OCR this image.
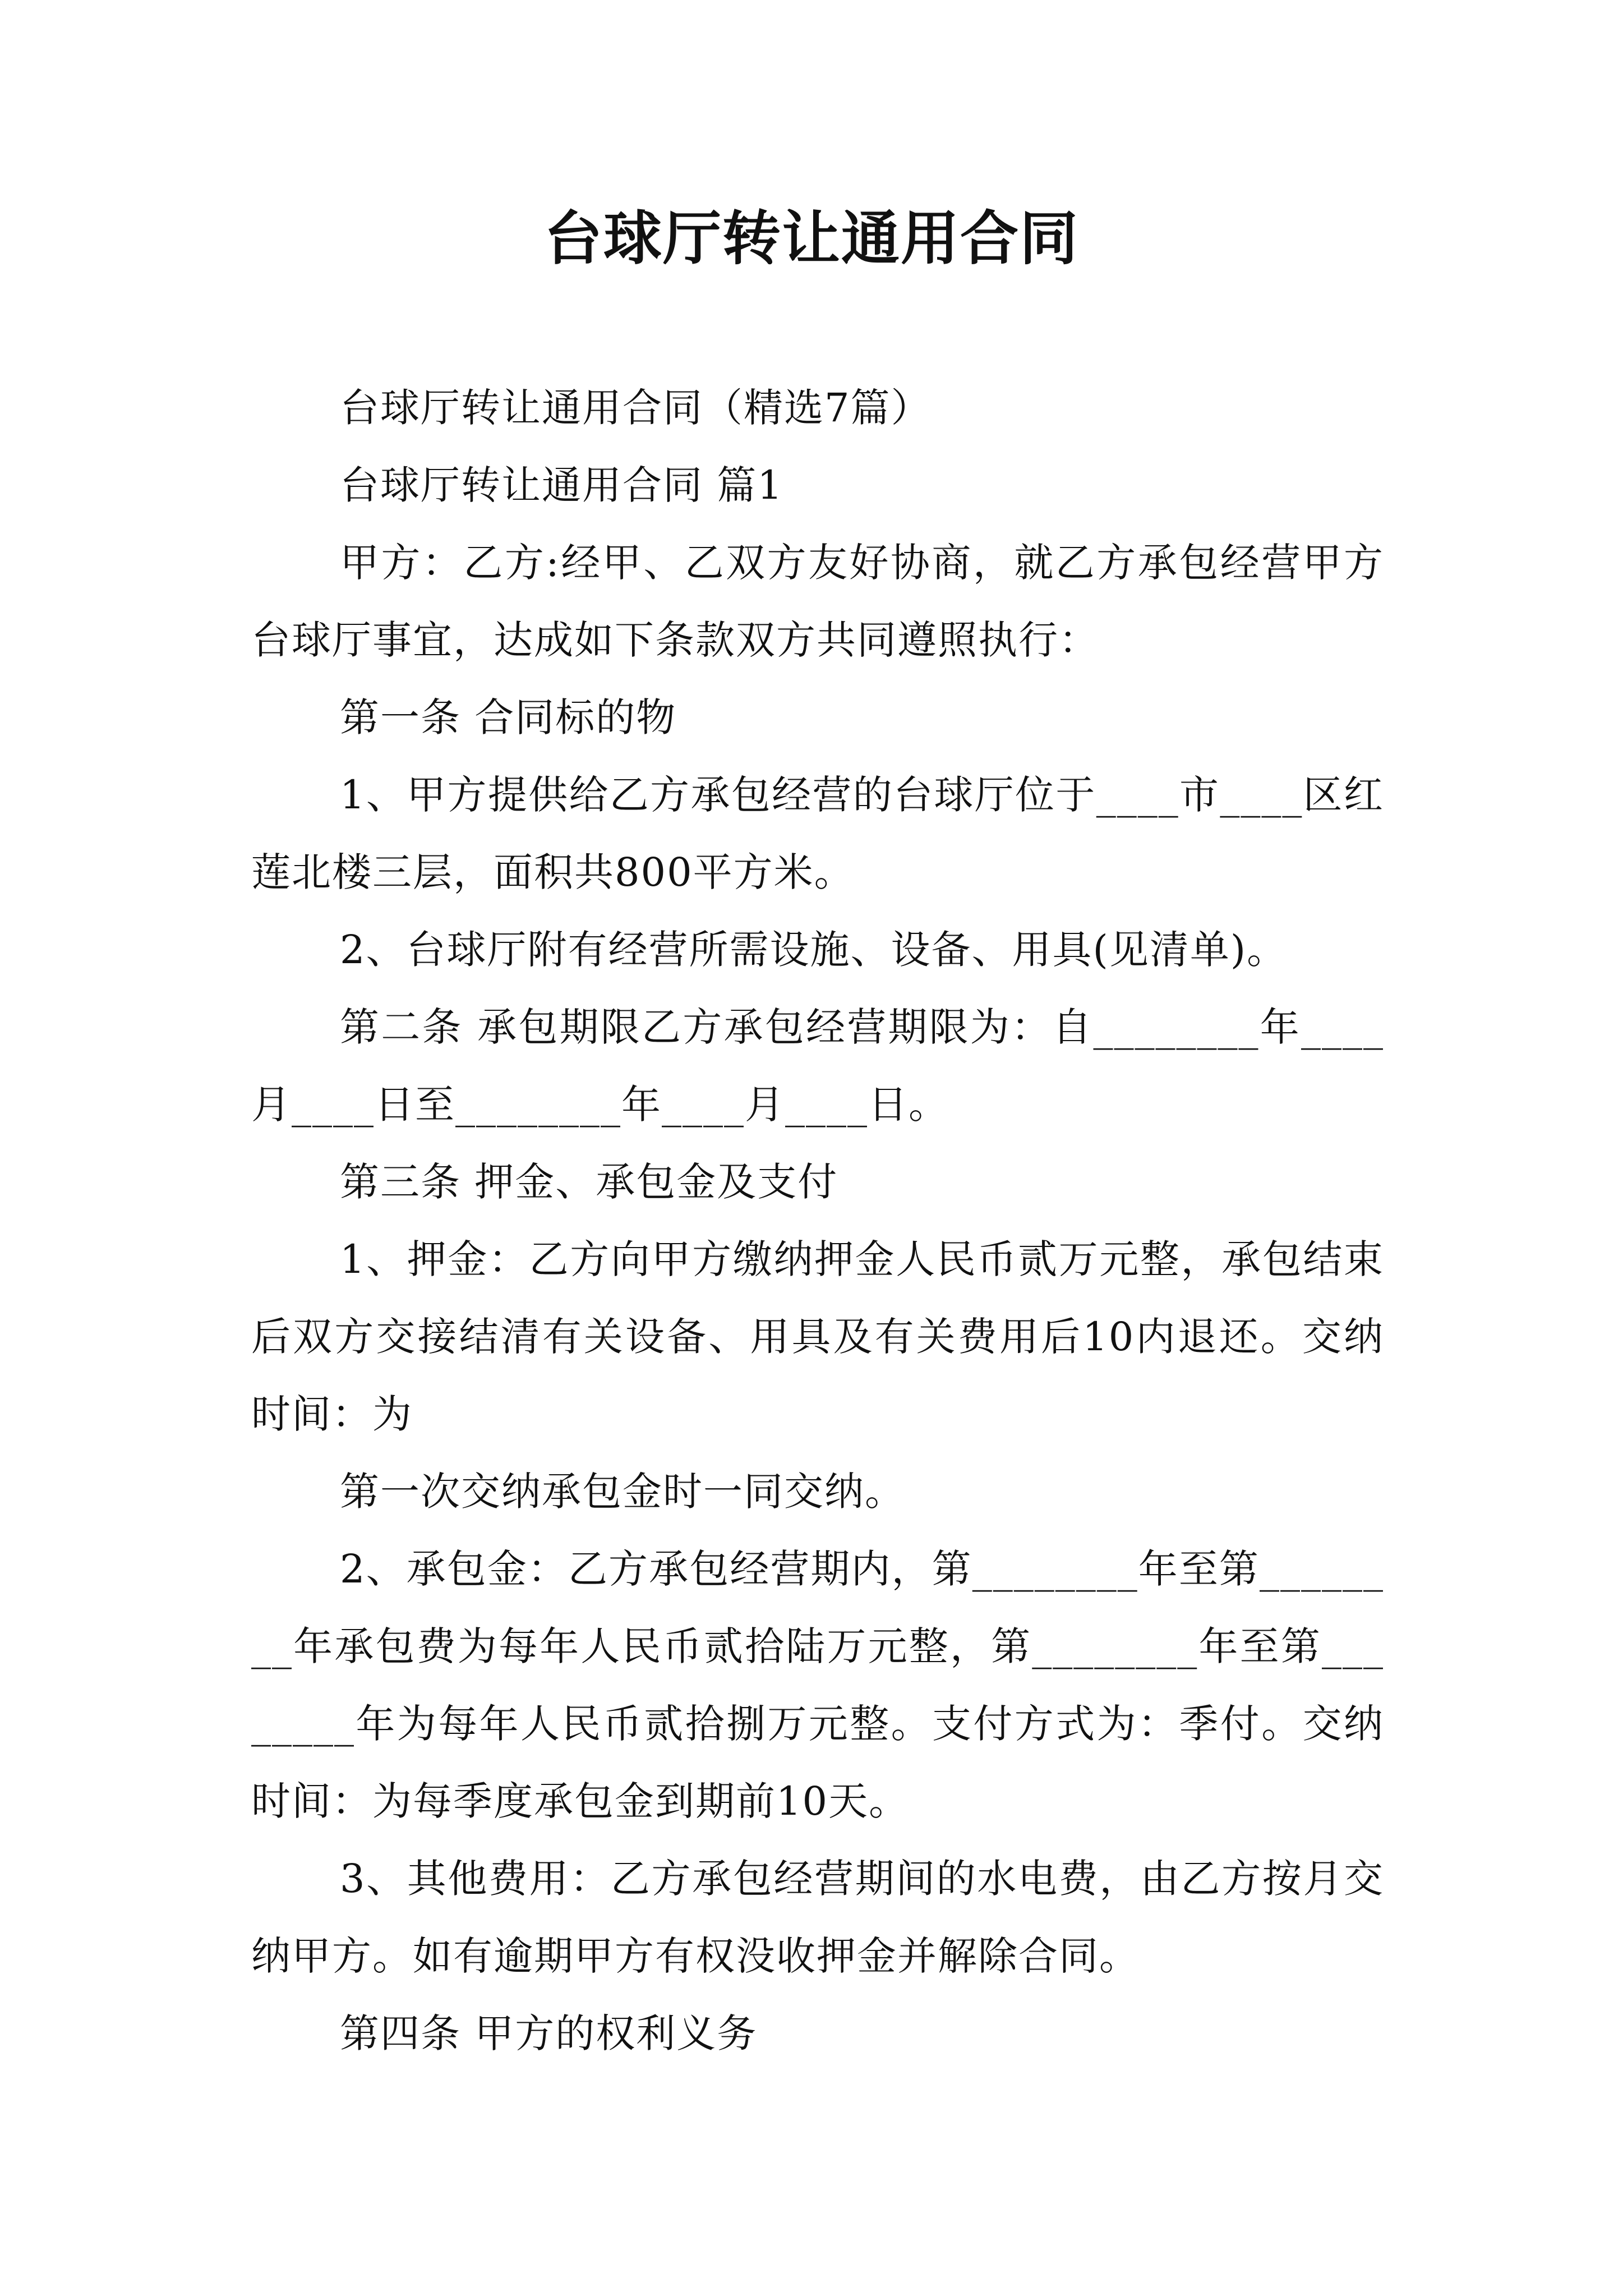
台球厅转让通用合同

台球厅转让通用合同（精选7篇）

台球厅转让通用合同 篇1

甲方：乙方:经甲、乙双方友好协商，就乙方承包经营甲方台球厅事宜，达成如下条款双方共同遵照执行：

第一条 合同标的物

1、甲方提供给乙方承包经营的台球厅位于____市____区红莲北楼三层，面积共800平方米。

2、台球厅附有经营所需设施、设备、用具(见清单)。

第二条 承包期限乙方承包经营期限为：自________年____月____日至________年____月____日。

第三条 押金、承包金及支付

1、押金：乙方向甲方缴纳押金人民币贰万元整，承包结束后双方交接结清有关设备、用具及有关费用后10内退还。交纳时间：为

第一次交纳承包金时一同交纳。

2、承包金：乙方承包经营期内，第________年至第________年承包费为每年人民币贰拾陆万元整，第________年至第________年为每年人民币贰拾捌万元整。支付方式为：季付。交纳时间：为每季度承包金到期前10天。

3、其他费用：乙方承包经营期间的水电费，由乙方按月交纳甲方。如有逾期甲方有权没收押金并解除合同。

第四条 甲方的权利义务
